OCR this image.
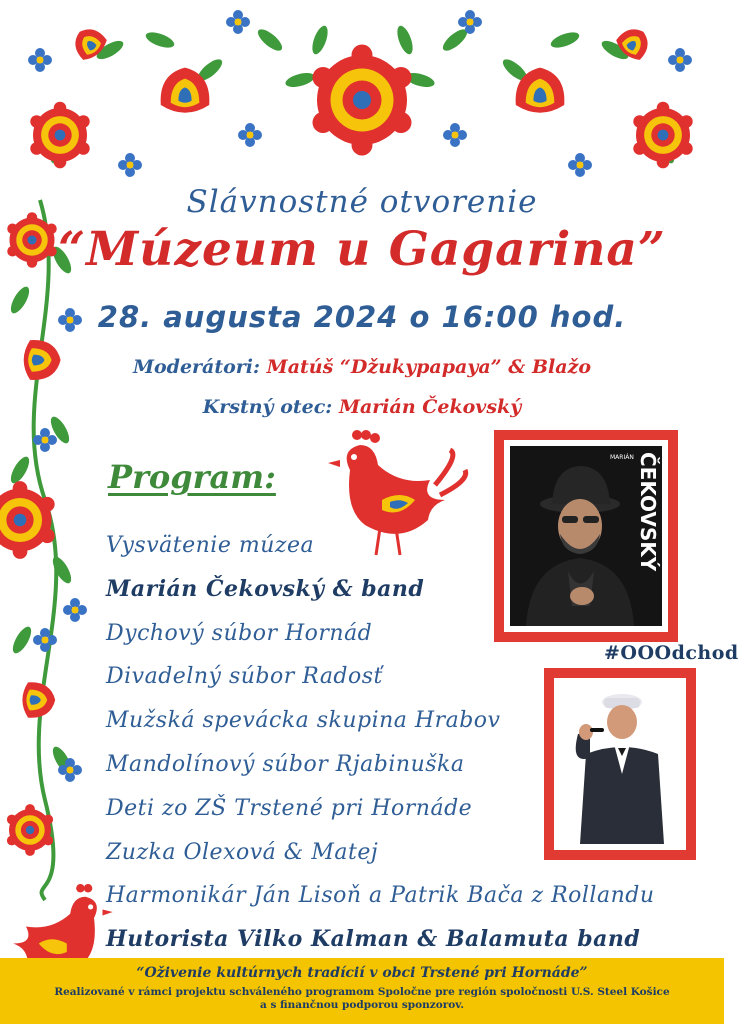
Slávnostné otvorenie
“Múzeum u Gagarina”
28. augusta 2024 o 16:00 hod.
Moderátori: Matúš “Džukypapaya” & Blažo
Krstný otec: Marián Čekovský
Program:
Vysvätenie múzea
Marián Čekovský & band
Dychový súbor Hornád
Divadelný súbor Radosť
Mužská spevácka skupina Hrabov
Mandolínový súbor Rjabinuška
Deti zo ZŠ Trstené pri Hornáde
Zuzka Olexová & Matej
Harmonikár Ján Lisoň a Patrik Bača z Rollandu
Hutorista Vilko Kalman & Balamuta band
ČEKOVSKÝ
MARIÁN
#OOOdchod
“Oživenie kultúrnych tradícií v obci Trstené pri Hornáde”
Realizované v rámci projektu schváleného programom Spoločne pre región spoločnosti U.S. Steel Košice
a s finančnou podporou sponzorov.
